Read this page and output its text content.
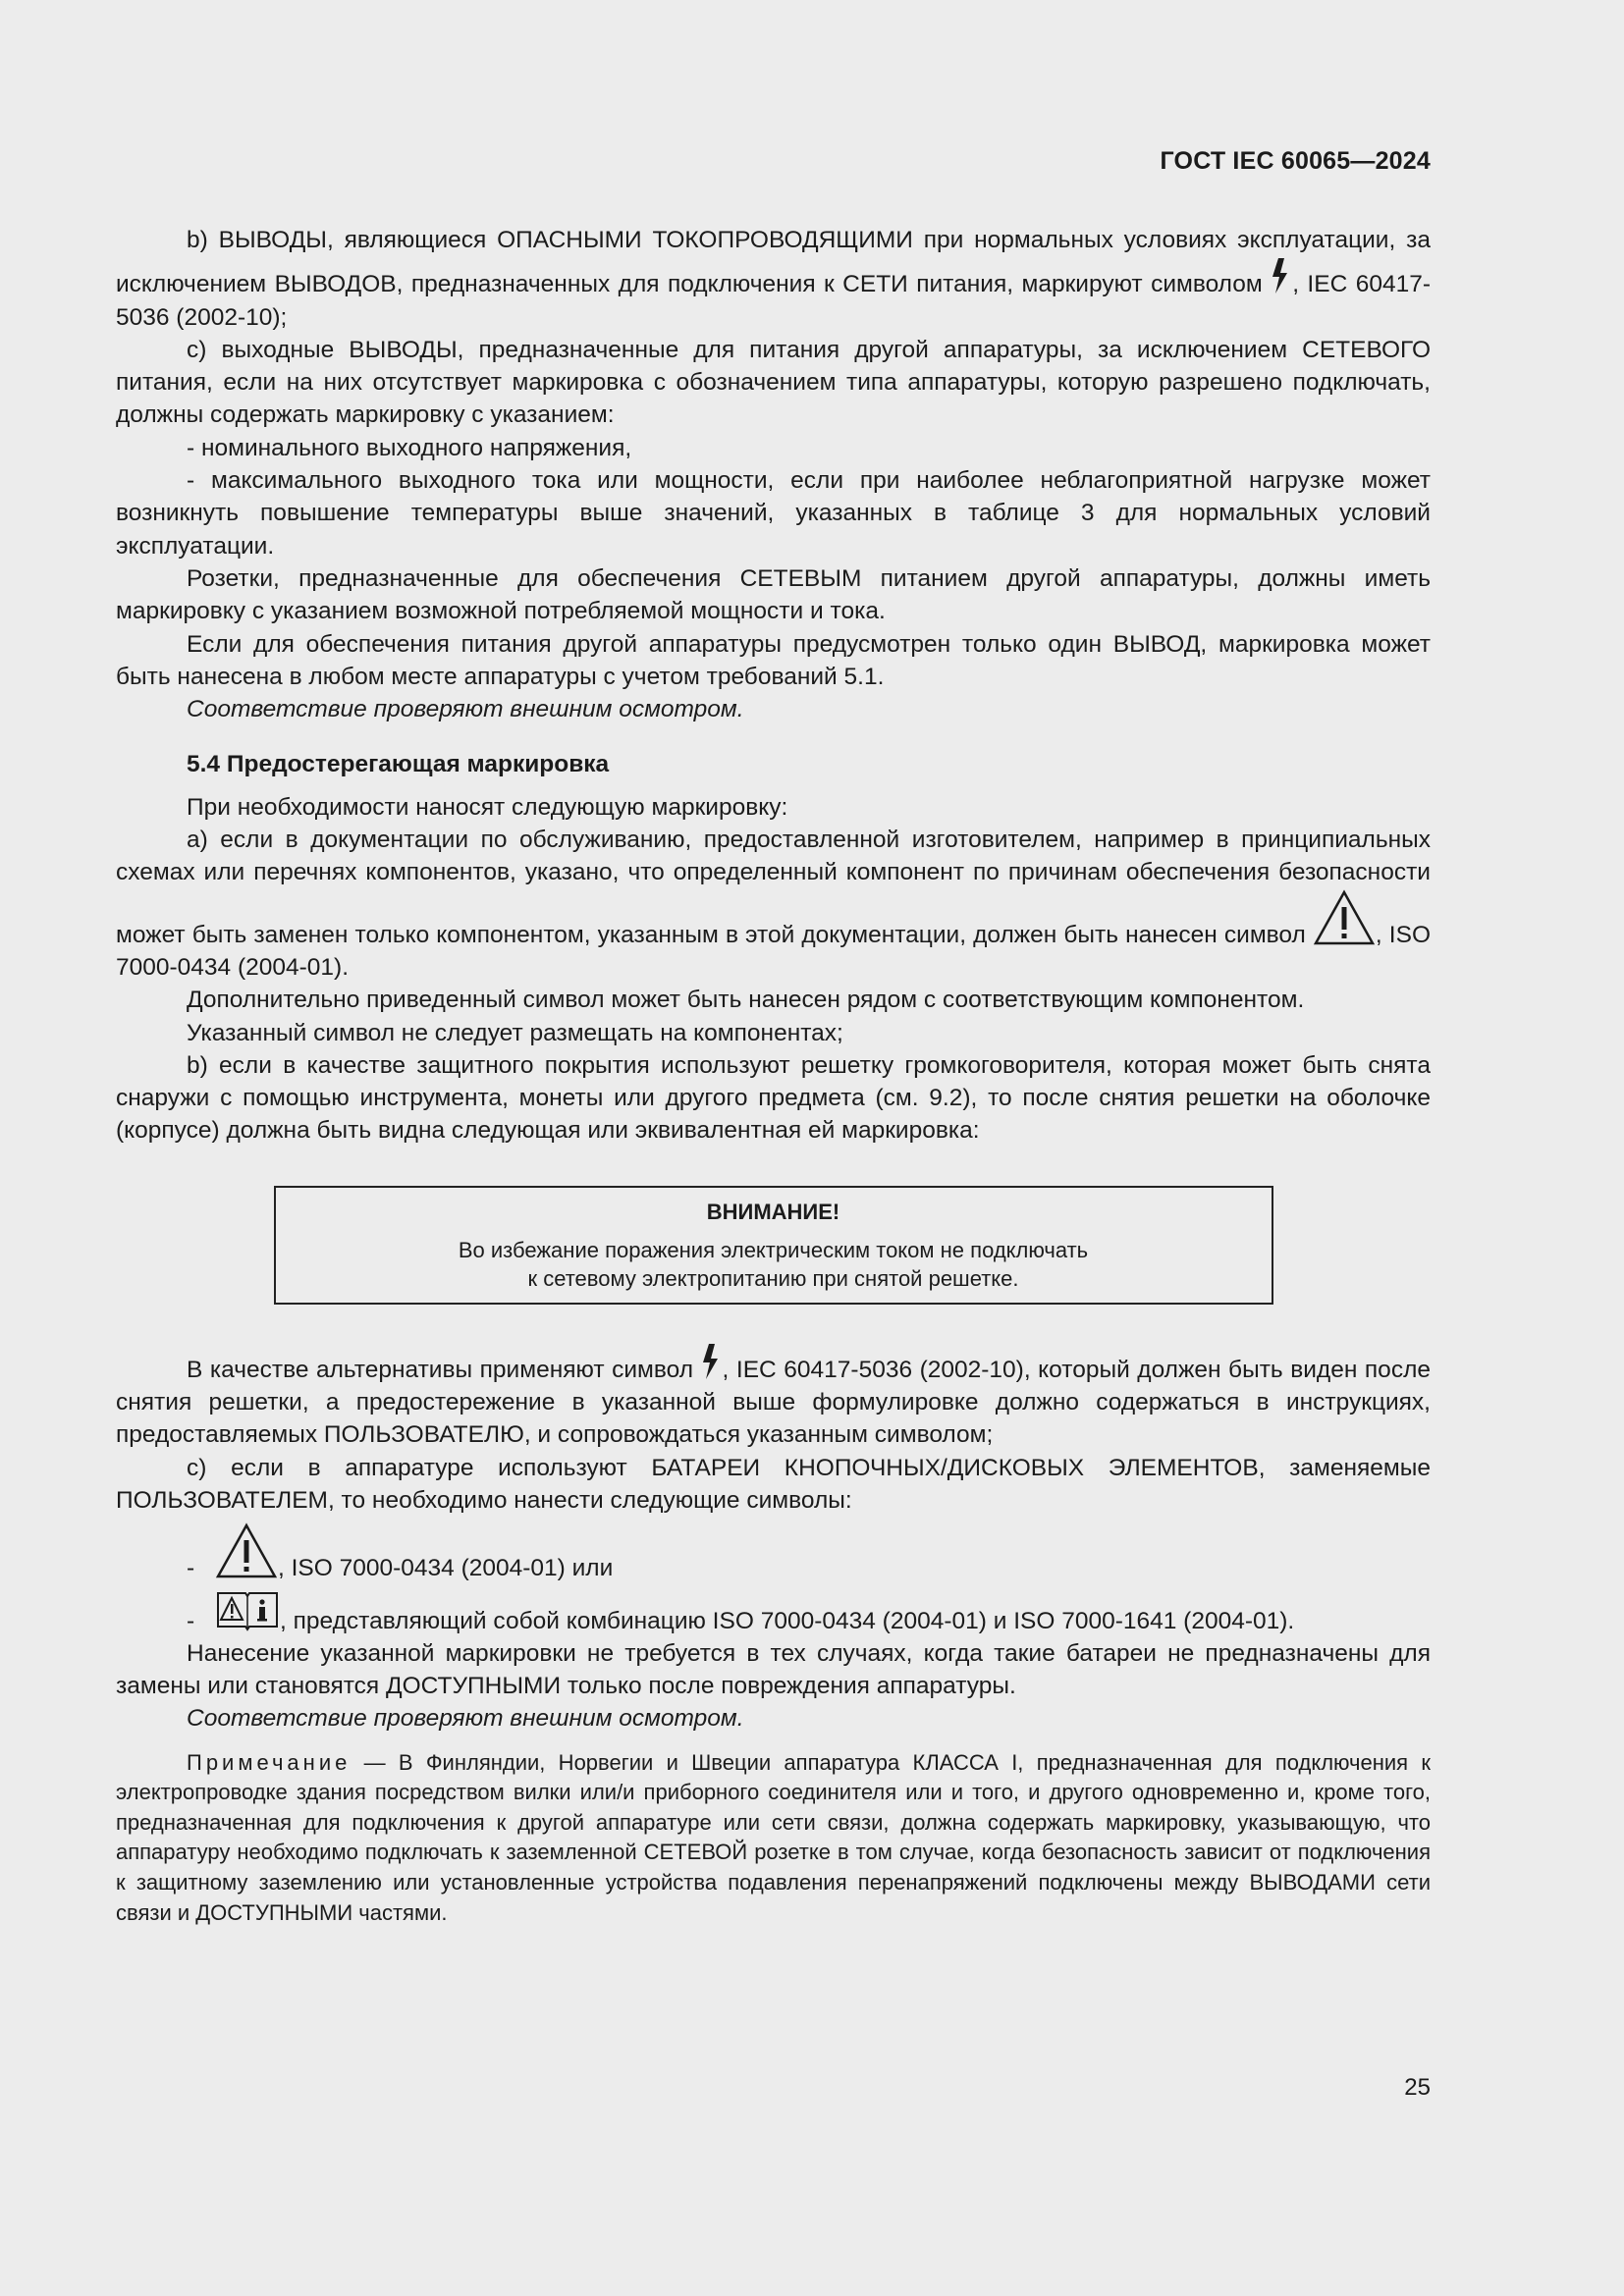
ГОСТ IEC 60065—2024

b) ВЫВОДЫ, являющиеся ОПАСНЫМИ ТОКОПРОВОДЯЩИМИ при нормальных условиях эксплуатации, за исключением ВЫВОДОВ, предназначенных для подключения к СЕТИ питания, маркируют символом , IEC 60417-5036 (2002-10);

c) выходные ВЫВОДЫ, предназначенные для питания другой аппаратуры, за исключением СЕТЕВОГО питания, если на них отсутствует маркировка с обозначением типа аппаратуры, которую разрешено подключать, должны содержать маркировку с указанием:

- номинального выходного напряжения,

- максимального выходного тока или мощности, если при наиболее неблагоприятной нагрузке может возникнуть повышение температуры выше значений, указанных в таблице 3 для нормальных условий эксплуатации.

Розетки, предназначенные для обеспечения СЕТЕВЫМ питанием другой аппаратуры, должны иметь маркировку с указанием возможной потребляемой мощности и тока.

Если для обеспечения питания другой аппаратуры предусмотрен только один ВЫВОД, маркировка может быть нанесена в любом месте аппаратуры с учетом требований 5.1.

Соответствие проверяют внешним осмотром.

5.4 Предостерегающая маркировка

При необходимости наносят следующую маркировку:

а) если в документации по обслуживанию, предоставленной изготовителем, например в принципиальных схемах или перечнях компонентов, указано, что определенный компонент по причинам обеспечения безопасности может быть заменен только компонентом, указанным в этой документации, должен быть нанесен символ	, ISO 7000-0434 (2004-01).

Дополнительно приведенный символ может быть нанесен рядом с соответствующим компонентом.

Указанный символ не следует размещать на компонентах;

b) если в качестве защитного покрытия используют решетку громкоговорителя, которая может быть снята снаружи с помощью инструмента, монеты или другого предмета (см. 9.2), то после снятия решетки на оболочке (корпусе) должна быть видна следующая или эквивалентная ей маркировка:

ВНИМАНИЕ!
Во избежание поражения электрическим током не подключать
к сетевому электропитанию при снятой решетке.

В качестве альтернативы применяют символ , IEC 60417-5036 (2002-10), который должен быть виден после снятия решетки, а предостережение в указанной выше формулировке должно содержаться в инструкциях, предоставляемых ПОЛЬЗОВАТЕЛЮ, и сопровождаться указанным символом;

с) если в аппаратуре используют БАТАРЕИ КНОПОЧНЫХ/ДИСКОВЫХ ЭЛЕМЕНТОВ, заменяемые ПОЛЬЗОВАТЕЛЕМ, то необходимо нанести следующие символы:

-	, ISO 7000-0434 (2004-01) или

-	, представляющий собой комбинацию ISO 7000-0434 (2004-01) и ISO 7000-1641 (2004-01).

Нанесение указанной маркировки не требуется в тех случаях, когда такие батареи не предназначены для замены или становятся ДОСТУПНЫМИ только после повреждения аппаратуры.

Соответствие проверяют внешним осмотром.

Примечание — В Финляндии, Норвегии и Швеции аппаратура КЛАССА I, предназначенная для подключения к электропроводке здания посредством вилки или/и приборного соединителя или и того, и другого одновременно и, кроме того, предназначенная для подключения к другой аппаратуре или сети связи, должна содержать маркировку, указывающую, что аппаратуру необходимо подключать к заземленной СЕТЕВОЙ розетке в том случае, когда безопасность зависит от подключения к защитному заземлению или установленные устройства подавления перенапряжений подключены между ВЫВОДАМИ сети связи и ДОСТУПНЫМИ частями.

25
